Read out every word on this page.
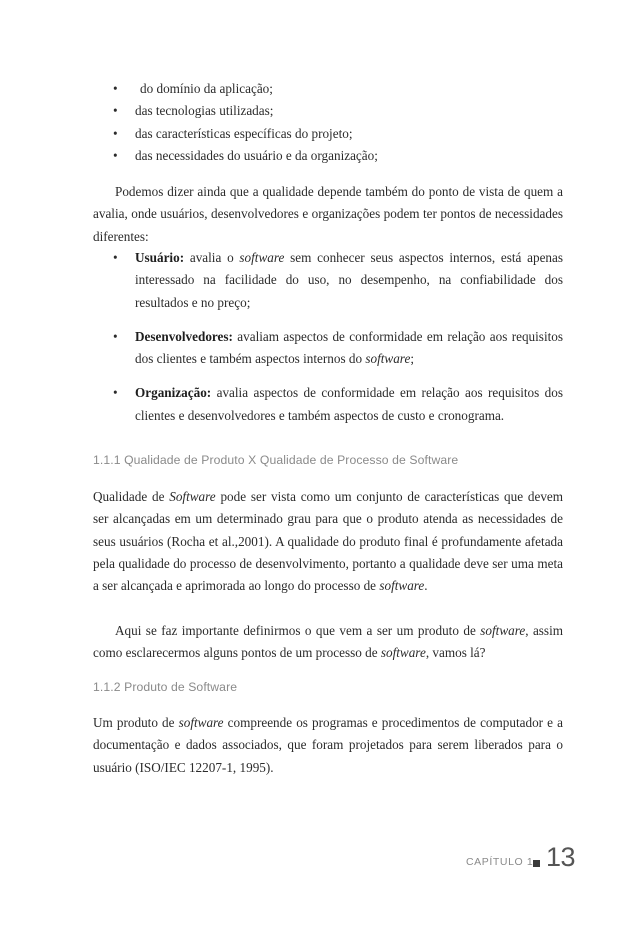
•	do domínio da aplicação;
•	das tecnologias utilizadas;
•	das características específicas do projeto;
•	das necessidades do usuário e da organização;

Podemos dizer ainda que a qualidade depende também do ponto de vista de quem a avalia, onde usuários, desenvolvedores e organizações podem ter pontos de necessidades diferentes:

•	Usuário: avalia o software sem conhecer seus aspectos internos, está apenas interessado na facilidade do uso, no desempenho, na confiabilidade dos resultados e no preço;
•	Desenvolvedores: avaliam aspectos de conformidade em relação aos requisitos dos clientes e também aspectos internos do software;
•	Organização: avalia aspectos de conformidade em relação aos requisitos dos clientes e desenvolvedores e também aspectos de custo e cronograma.
1.1.1 Qualidade de Produto X Qualidade de Processo de Software

Qualidade de Software pode ser vista como um conjunto de características que devem ser alcançadas em um determinado grau para que o produto atenda as necessidades de seus usuários (Rocha et al.,2001). A qualidade do produto final é profundamente afetada pela qualidade do processo de desenvolvimento, portanto a qualidade deve ser uma meta a ser alcançada e aprimorada ao longo do processo de software.

Aqui se faz importante definirmos o que vem a ser um produto de software, assim como esclarecermos alguns pontos de um processo de software, vamos lá?

1.1.2 Produto de Software

Um produto de software compreende os programas e procedimentos de computador e a documentação e dados associados, que foram projetados para serem liberados para o usuário (ISO/IEC 12207-1, 1995).

CAPÍTULO 1 13
